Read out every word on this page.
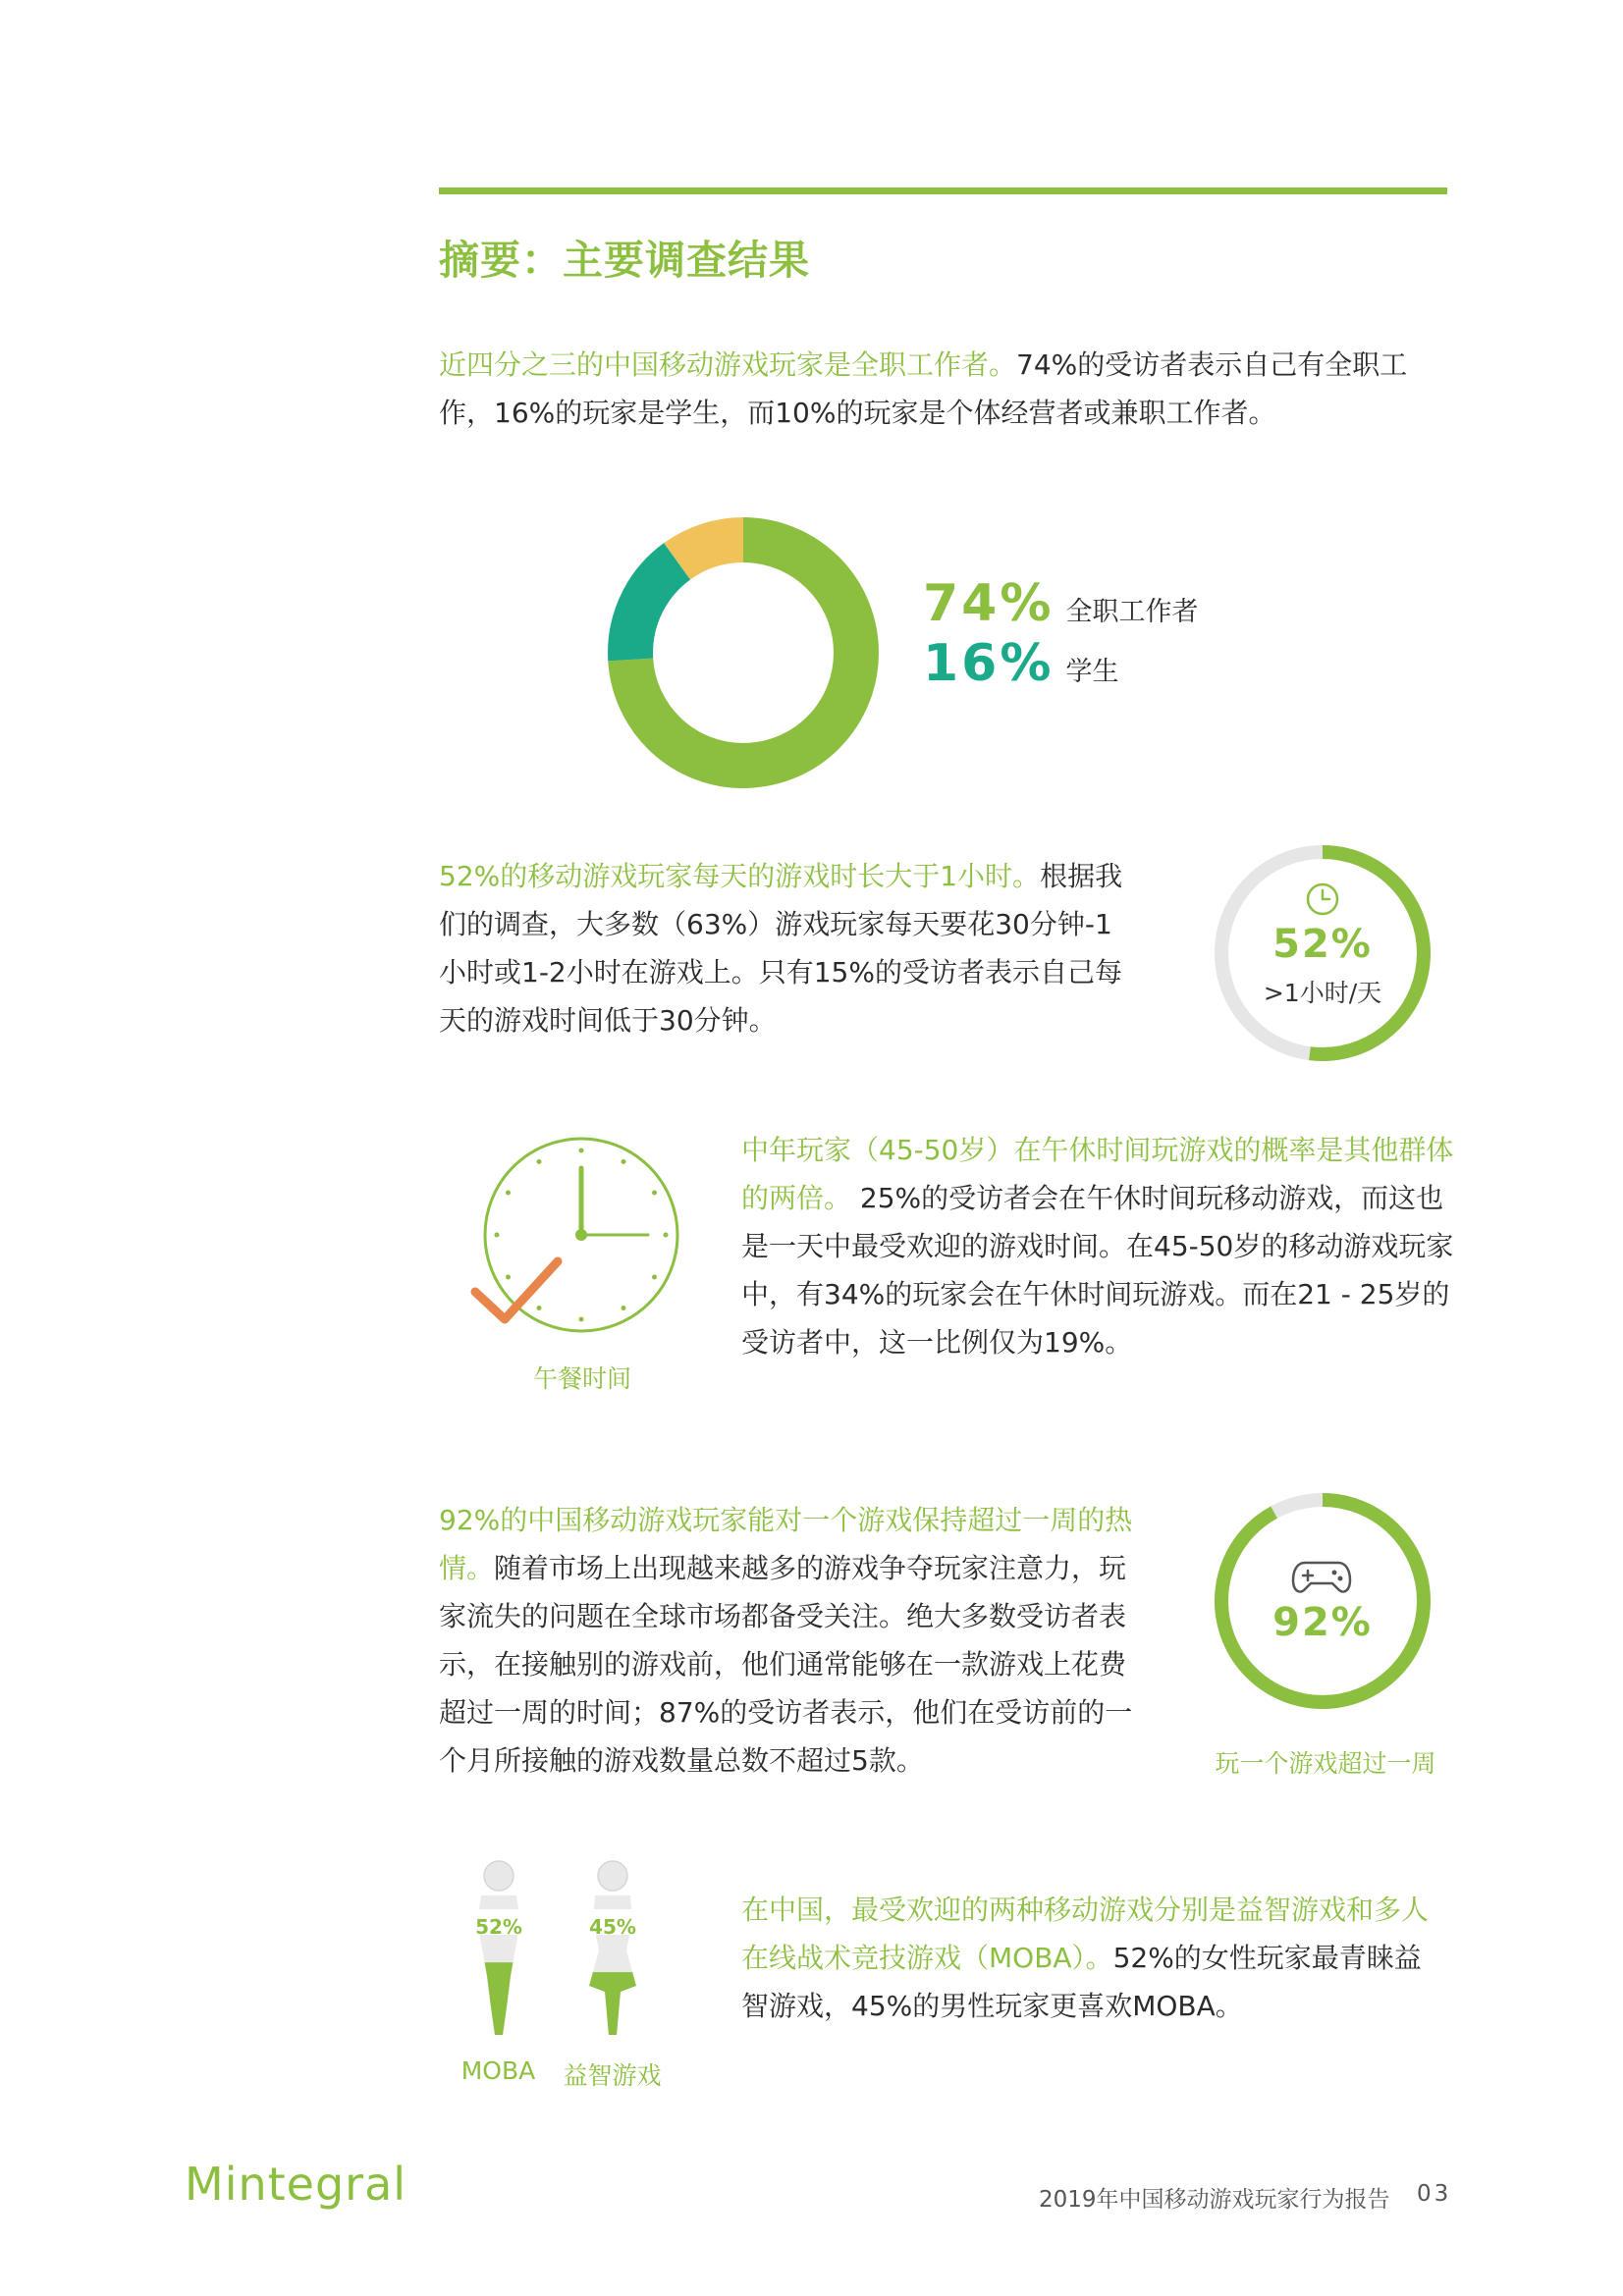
摘要：主要调查结果
近四分之三的中国移动游戏玩家是全职工作者。74%的受访者表示自己有全职工作，16%的玩家是学生，而10%的玩家是个体经营者或兼职工作者。
74% 全职工作者
16% 学生
52%的移动游戏玩家每天的游戏时长大于1小时。根据我们的调查，大多数（63%）游戏玩家每天要花30分钟-1小时或1-2小时在游戏上。只有15%的受访者表示自己每天的游戏时间低于30分钟。
52%
>1小时/天
午餐时间
中年玩家（45-50岁）在午休时间玩游戏的概率是其他群体的两倍。 25%的受访者会在午休时间玩移动游戏，而这也是一天中最受欢迎的游戏时间。在45-50岁的移动游戏玩家中，有34%的玩家会在午休时间玩游戏。而在21 - 25岁的受访者中，这一比例仅为19%。
92%的中国移动游戏玩家能对一个游戏保持超过一周的热情。随着市场上出现越来越多的游戏争夺玩家注意力，玩家流失的问题在全球市场都备受关注。绝大多数受访者表示，在接触别的游戏前，他们通常能够在一款游戏上花费超过一周的时间；87%的受访者表示，他们在受访前的一个月所接触的游戏数量总数不超过5款。
92%
玩一个游戏超过一周
52%	45%
MOBA	益智游戏
在中国，最受欢迎的两种移动游戏分别是益智游戏和多人在线战术竞技游戏（MOBA）。52%的女性玩家最青睐益智游戏，45%的男性玩家更喜欢MOBA。
Mintegral	2019年中国移动游戏玩家行为报告 03
